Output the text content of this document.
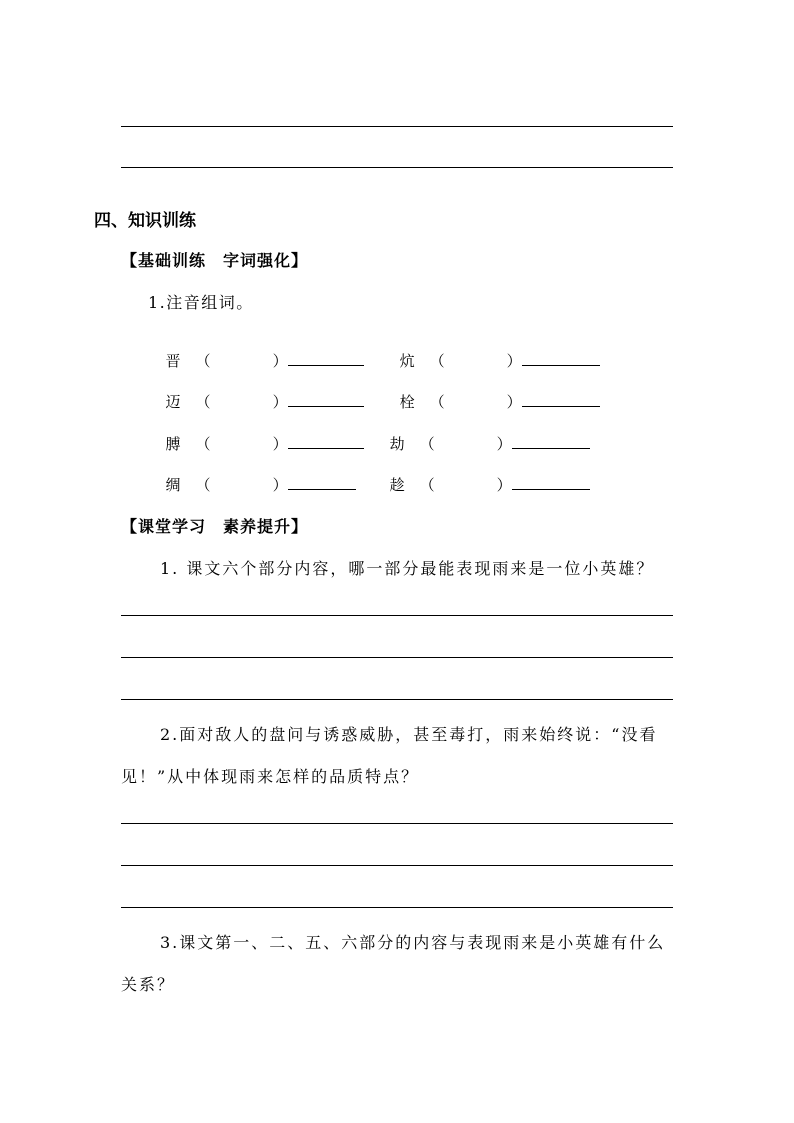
四、知识训练
【基础训练　字词强化】
1.注音组词。

晋 （	）	炕 （	）

迈 （	）	栓 （	）

膊 （	）	劫 （	）

绸 （	）	趁 （	）

【课堂学习　素养提升】
1. 课文六个部分内容，哪一部分最能表现雨来是一位小英雄？
2.面对敌人的盘问与诱惑威胁，甚至毒打，雨来始终说：“没看
见！”从中体现雨来怎样的品质特点？
3.课文第一、二、五、六部分的内容与表现雨来是小英雄有什么
关系？
